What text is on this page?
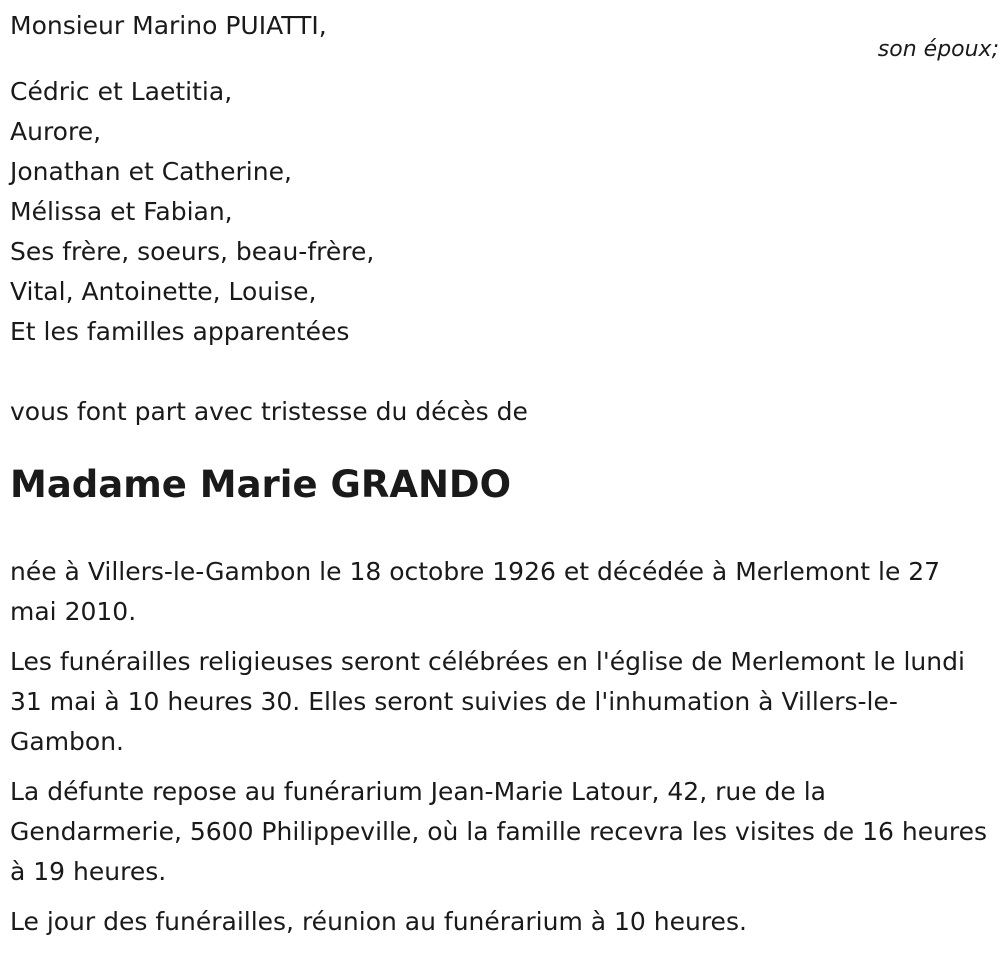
Monsieur Marino PUIATTI,
son époux;
Cédric et Laetitia,
Aurore,
Jonathan et Catherine,
Mélissa et Fabian,
Ses frère, soeurs, beau-frère,
Vital, Antoinette, Louise,
Et les familles apparentées
vous font part avec tristesse du décès de
Madame Marie GRANDO

née à Villers-le-Gambon le 18 octobre 1926 et décédée à Merlemont le 27 mai 2010.

Les funérailles religieuses seront célébrées en l'église de Merlemont le lundi 31 mai à 10 heures 30. Elles seront suivies de l'inhumation à Villers-le-Gambon.

La défunte repose au funérarium Jean-Marie Latour, 42, rue de la Gendarmerie, 5600 Philippeville, où la famille recevra les visites de 16 heures à 19 heures.

Le jour des funérailles, réunion au funérarium à 10 heures.
